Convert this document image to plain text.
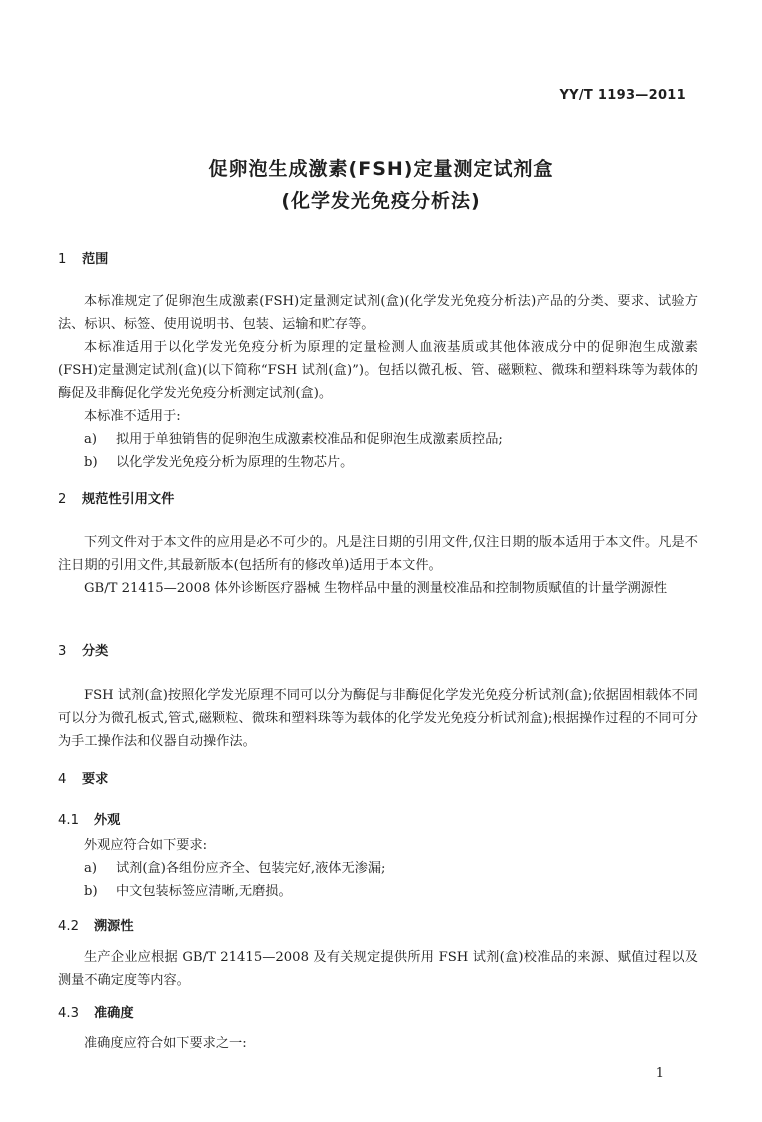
YY/T 1193—2011
促卵泡生成激素(FSH)定量测定试剂盒
(化学发光免疫分析法)
1 范围

本标准规定了促卵泡生成激素(FSH)定量测定试剂(盒)(化学发光免疫分析法)产品的分类、要求、试验方法、标识、标签、使用说明书、包装、运输和贮存等。

本标准适用于以化学发光免疫分析为原理的定量检测人血液基质或其他体液成分中的促卵泡生成激素(FSH)定量测定试剂(盒)(以下简称“FSH 试剂(盒)”)。包括以微孔板、管、磁颗粒、微珠和塑料珠等为载体的酶促及非酶促化学发光免疫分析测定试剂(盒)。

本标准不适用于:

a) 拟用于单独销售的促卵泡生成激素校准品和促卵泡生成激素质控品;
b) 以化学发光免疫分析为原理的生物芯片。
2 规范性引用文件

下列文件对于本文件的应用是必不可少的。凡是注日期的引用文件,仅注日期的版本适用于本文件。凡是不注日期的引用文件,其最新版本(包括所有的修改单)适用于本文件。

GB/T 21415—2008 体外诊断医疗器械 生物样品中量的测量校准品和控制物质赋值的计量学溯源性

3 分类

FSH 试剂(盒)按照化学发光原理不同可以分为酶促与非酶促化学发光免疫分析试剂(盒);依据固相载体不同可以分为微孔板式,管式,磁颗粒、微珠和塑料珠等为载体的化学发光免疫分析试剂盒);根据操作过程的不同可分为手工操作法和仪器自动操作法。

4 要求
4.1 外观

外观应符合如下要求:

a) 试剂(盒)各组份应齐全、包装完好,液体无渗漏;
b) 中文包装标签应清晰,无磨损。
4.2 溯源性

生产企业应根据 GB/T 21415—2008 及有关规定提供所用 FSH 试剂(盒)校准品的来源、赋值过程以及测量不确定度等内容。

4.3 准确度

准确度应符合如下要求之一:

1
